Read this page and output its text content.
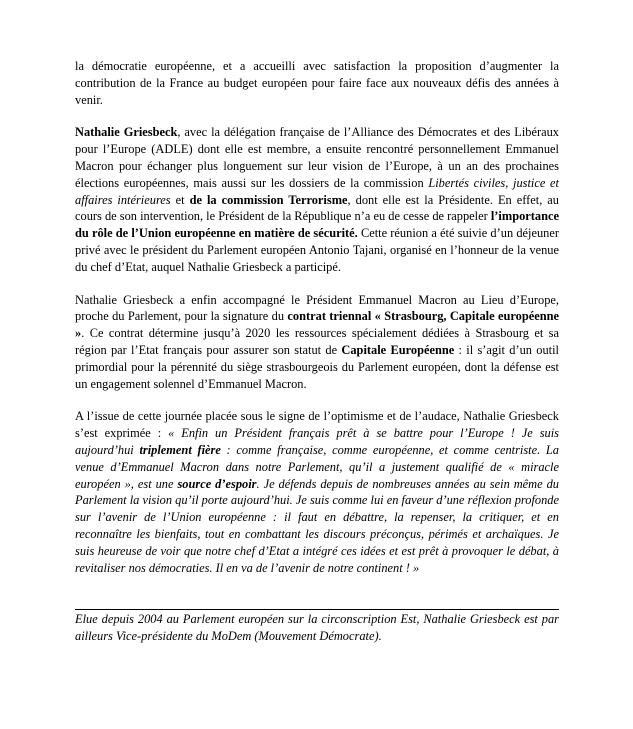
la démocratie européenne, et a accueilli avec satisfaction la proposition d’augmenter la contribution de la France au budget européen pour faire face aux nouveaux défis des années à venir.

Nathalie Griesbeck, avec la délégation française de l’Alliance des Démocrates et des Libéraux pour l’Europe (ADLE) dont elle est membre, a ensuite rencontré personnellement Emmanuel Macron pour échanger plus longuement sur leur vision de l’Europe, à un an des prochaines élections européennes, mais aussi sur les dossiers de la commission Libertés civiles, justice et affaires intérieures et de la commission Terrorisme, dont elle est la Présidente. En effet, au cours de son intervention, le Président de la République n’a eu de cesse de rappeler l’importance du rôle de l’Union européenne en matière de sécurité. Cette réunion a été suivie d’un déjeuner privé avec le président du Parlement européen Antonio Tajani, organisé en l’honneur de la venue du chef d’Etat, auquel Nathalie Griesbeck a participé.

Nathalie Griesbeck a enfin accompagné le Président Emmanuel Macron au Lieu d’Europe, proche du Parlement, pour la signature du contrat triennal « Strasbourg, Capitale européenne ». Ce contrat détermine jusqu’à 2020 les ressources spécialement dédiées à Strasbourg et sa région par l’Etat français pour assurer son statut de Capitale Européenne : il s’agit d’un outil primordial pour la pérennité du siège strasbourgeois du Parlement européen, dont la défense est un engagement solennel d’Emmanuel Macron.

A l’issue de cette journée placée sous le signe de l’optimisme et de l’audace, Nathalie Griesbeck s’est exprimée : « Enfin un Président français prêt à se battre pour l’Europe ! Je suis aujourd’hui triplement fière : comme française, comme européenne, et comme centriste. La venue d’Emmanuel Macron dans notre Parlement, qu’il a justement qualifié de « miracle européen », est une source d’espoir. Je défends depuis de nombreuses années au sein même du Parlement la vision qu’il porte aujourd’hui. Je suis comme lui en faveur d’une réflexion profonde sur l’avenir de l’Union européenne : il faut en débattre, la repenser, la critiquer, et en reconnaître les bienfaits, tout en combattant les discours préconçus, périmés et archaïques. Je suis heureuse de voir que notre chef d’Etat a intégré ces idées et est prêt à provoquer le débat, à revitaliser nos démocraties. Il en va de l’avenir de notre continent ! »

Elue depuis 2004 au Parlement européen sur la circonscription Est, Nathalie Griesbeck est par ailleurs Vice-présidente du MoDem (Mouvement Démocrate).
